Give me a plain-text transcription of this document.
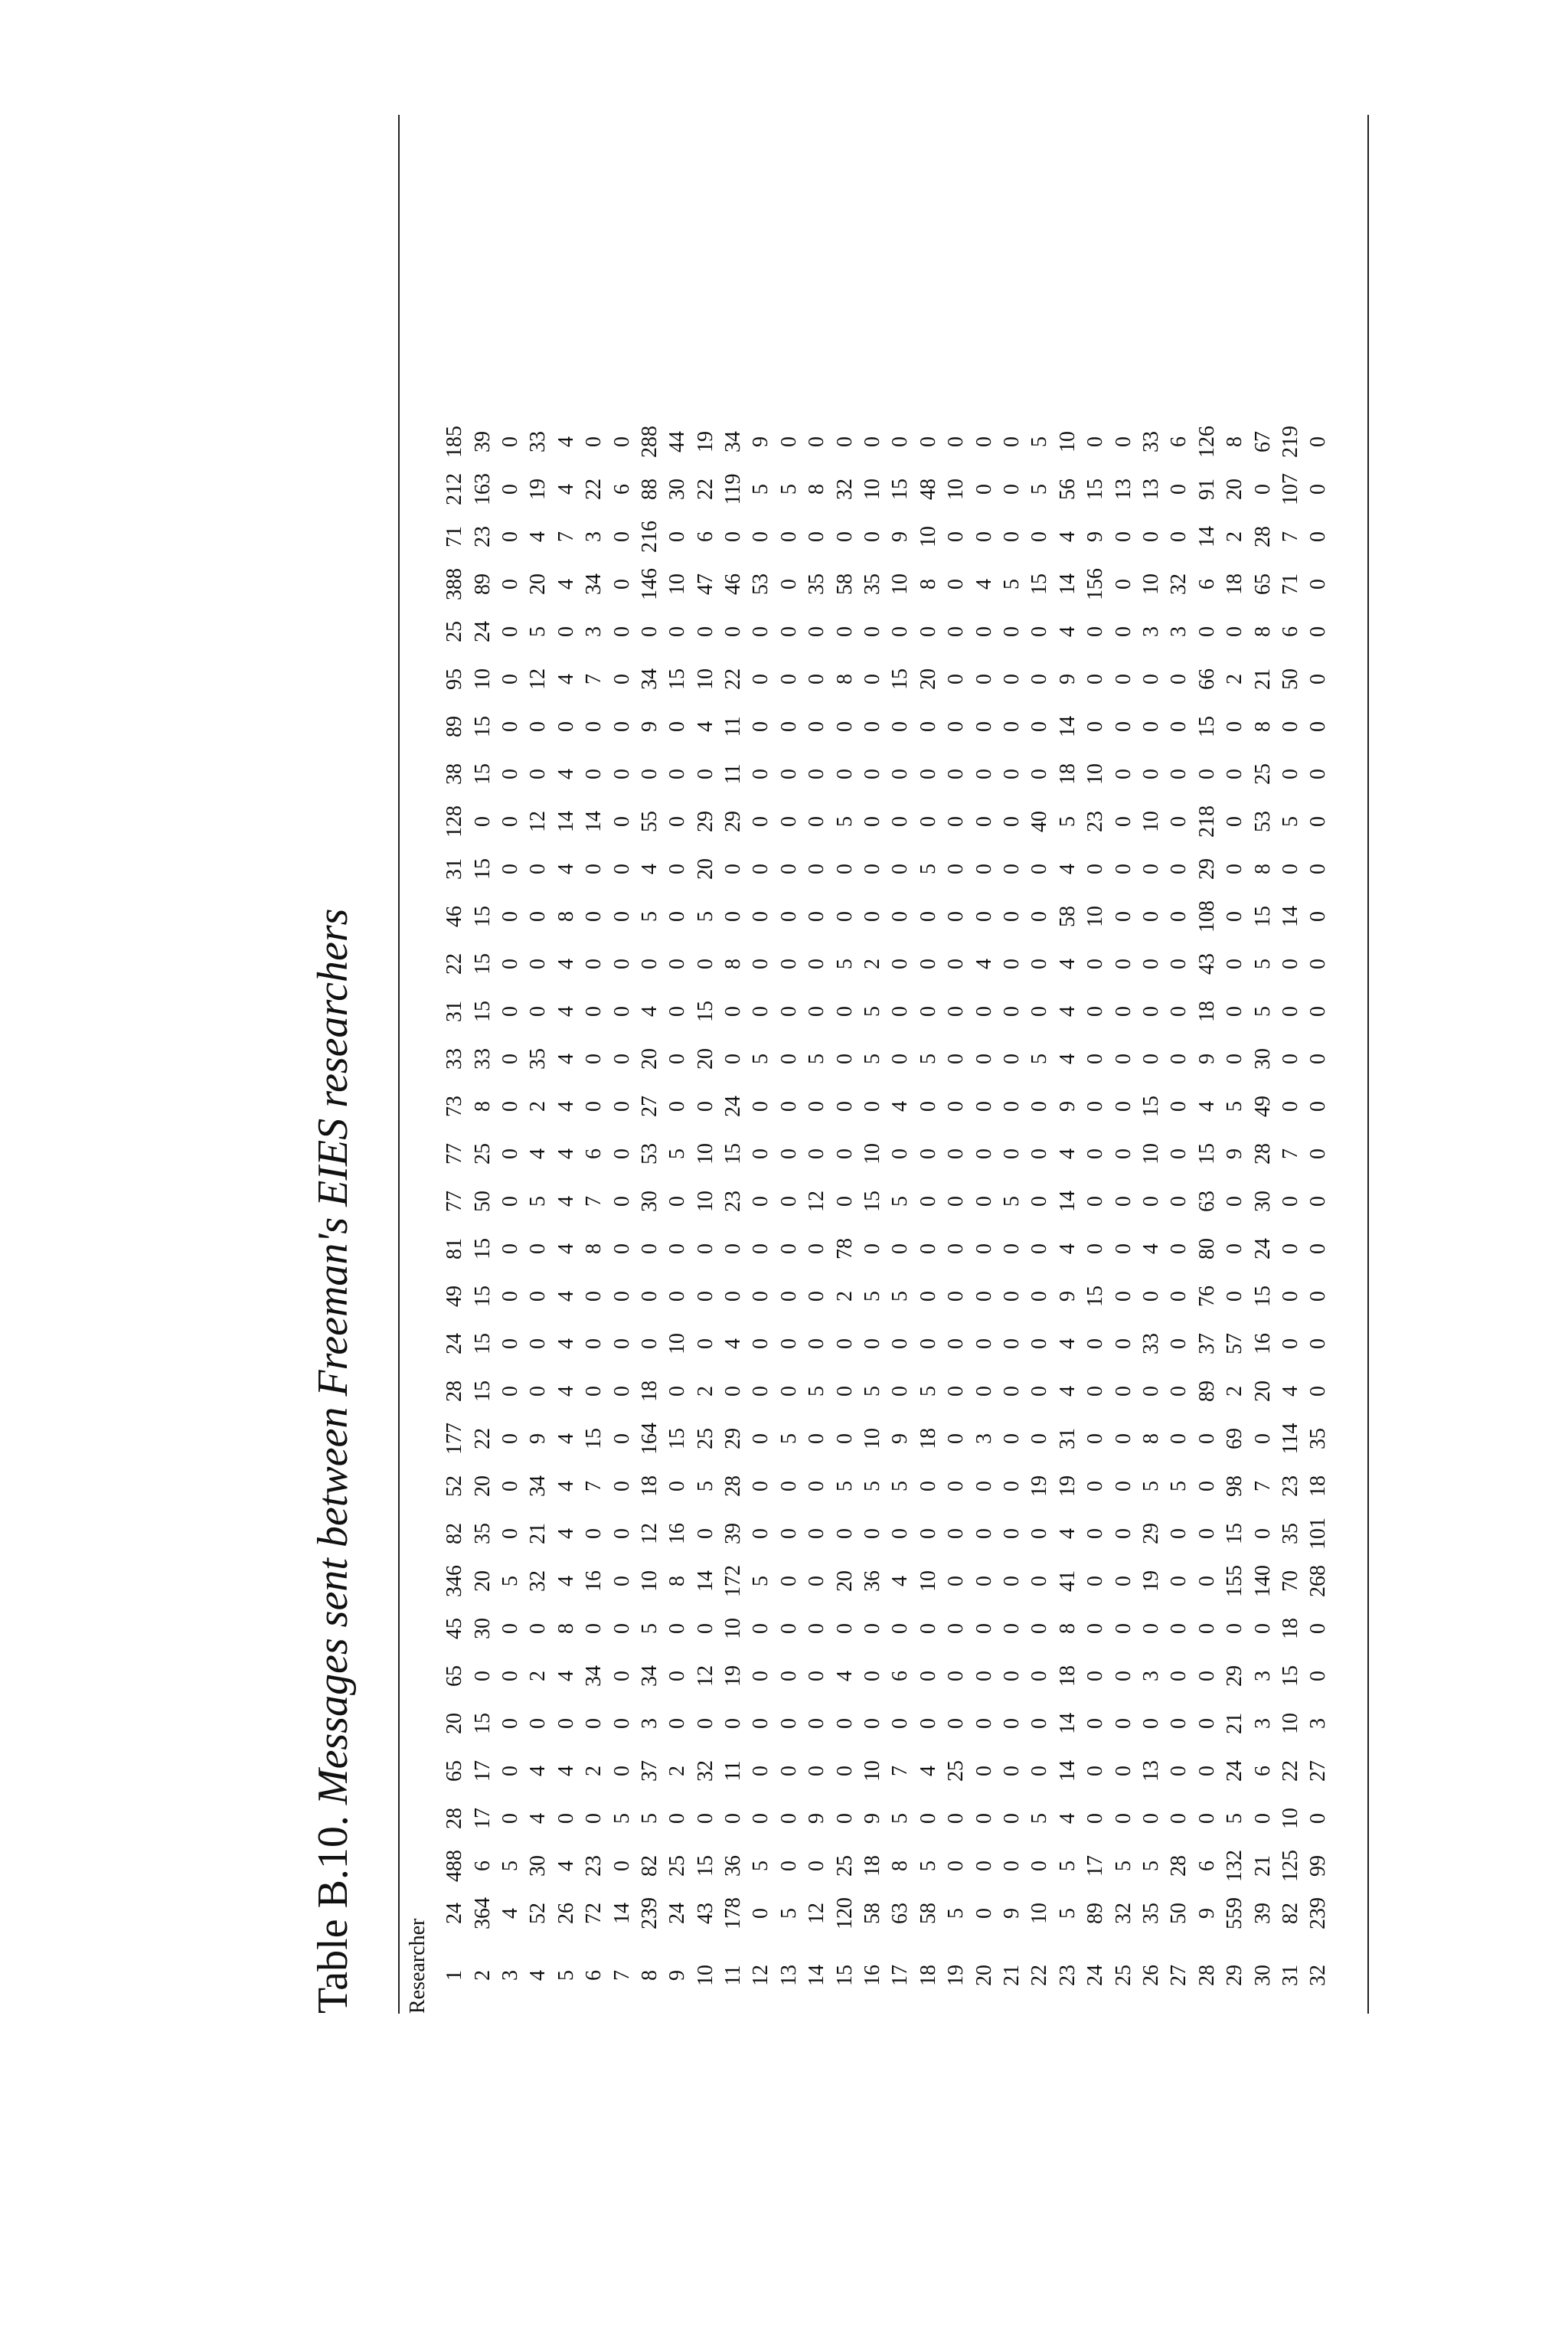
Table B.10. Messages sent between Freeman's EIES researchers
Researcher 1	24	488	28	65	20	65	45	346	82	52	177	28	24	49	81	77	77	73	33	31	22	46	31	128	38	89	95	25	388	71	212	185
2	364	6	17	17	15	0	30	20	35	20	22	15	15	15	15	50	25	8	33	15	15	15	15	0	15	15	10	24	89	23	163	39
3	4	5	0	0	0	0	0	5	0	0	0	0	0	0	0	0	0	0	0	0	0	0	0	0	0	0	0	0	0	0	0	0
4	52	30	4	4	0	2	0	32	21	34	9	0	0	0	0	5	4	2	35	0	0	0	0	12	0	0	12	5	20	4	19	33
5	26	4	0	4	0	4	8	4	4	4	4	4	4	4	4	4	4	4	4	4	4	8	4	14	4	0	4	0	4	7	4	4
6	72	23	0	2	0	34	0	16	0	7	15	0	0	0	8	7	6	0	0	0	0	0	0	14	0	0	7	3	34	3	22	0
7	14	0	5	0	0	0	0	0	0	0	0	0	0	0	0	0	0	0	0	0	0	0	0	0	0	0	0	0	0	0	6	0
8	239	82	5	37	3	34	5	10	12	18	164	18	0	0	0	30	53	27	20	4	0	5	4	55	0	9	34	0	146	216	88	288
9	24	25	0	2	0	0	0	8	16	0	15	0	10	0	0	0	5	0	0	0	0	0	0	0	0	0	15	0	10	0	30	44
10	43	15	0	32	0	12	0	14	0	5	25	2	0	0	0	10	10	0	20	15	0	5	20	29	0	4	10	0	47	6	22	19
11	178	36	0	11	0	19	10	172	39	28	29	0	4	0	0	23	15	24	0	0	8	0	0	29	11	11	22	0	46	0	119	34
12	0	5	0	0	0	0	0	5	0	0	0	0	0	0	0	0	0	0	5	0	0	0	0	0	0	0	0	0	53	0	5	9
13	5	0	0	0	0	0	0	0	0	0	5	0	0	0	0	0	0	0	0	0	0	0	0	0	0	0	0	0	0	0	5	0
14	12	0	9	0	0	0	0	0	0	0	0	5	0	0	0	12	0	0	5	0	0	0	0	0	0	0	0	0	35	0	8	0
15	120	25	0	0	0	4	0	20	0	5	0	0	0	2	78	0	0	0	0	0	5	0	0	5	0	0	8	0	58	0	32	0
16	58	18	9	10	0	0	0	36	0	5	10	5	0	5	0	15	10	0	5	5	2	0	0	0	0	0	0	0	35	0	10	0
17	63	8	5	7	0	6	0	4	0	5	9	0	0	5	0	5	0	4	0	0	0	0	0	0	0	0	15	0	10	9	15	0
18	58	5	0	4	0	0	0	10	0	0	18	5	0	0	0	0	0	0	5	0	0	0	5	0	0	0	20	0	8	10	48	0
19	5	0	0	25	0	0	0	0	0	0	0	0	0	0	0	0	0	0	0	0	0	0	0	0	0	0	0	0	0	0	10	0
20	0	0	0	0	0	0	0	0	0	0	3	0	0	0	0	0	0	0	0	0	4	0	0	0	0	0	0	0	4	0	0	0
21	9	0	0	0	0	0	0	0	0	0	0	0	0	0	0	5	0	0	0	0	0	0	0	0	0	0	0	0	5	0	0	0
22	10	0	5	0	0	0	0	0	0	19	0	0	0	0	0	0	0	0	5	0	0	0	0	40	0	0	0	0	15	0	5	5
23	5	5	4	14	14	18	8	41	4	19	31	4	4	9	4	14	4	9	4	4	4	58	4	5	18	14	9	4	14	4	56	10
24	89	17	0	0	0	0	0	0	0	0	0	0	0	15	0	0	0	0	0	0	0	10	0	23	10	0	0	0	156	9	15	0
25	32	5	0	0	0	0	0	0	0	0	0	0	0	0	0	0	0	0	0	0	0	0	0	0	0	0	0	0	0	0	13	0
26	35	5	0	13	0	3	0	19	29	5	8	0	33	0	4	0	10	15	0	0	0	0	0	10	0	0	0	3	10	0	13	33
27	50	28	0	0	0	0	0	0	0	5	0	0	0	0	0	0	0	0	0	0	0	0	0	0	0	0	0	3	32	0	0	6
28	9	6	0	0	0	0	0	0	0	0	0	89	37	76	80	63	15	4	9	18	43	108	29	218	0	15	66	0	6	14	91	126
29	559	132	5	24	21	29	0	155	15	98	69	2	57	0	0	0	9	5	0	0	0	0	0	0	0	0	2	0	18	2	20	8
30	39	21	0	6	3	3	0	140	0	7	0	20	16	15	24	30	28	49	30	5	5	15	8	53	25	8	21	8	65	28	0	67
31	82	125	10	22	10	15	18	70	35	23	114	4	0	0	0	0	7	0	0	0	0	14	0	5	0	0	50	6	71	7	107	219
32	239	99	0	27	3	0	0	268	101	18	35	0	0	0	0	0	0	0	0	0	0	0	0	0	0	0	0	0	0	0	0	0
